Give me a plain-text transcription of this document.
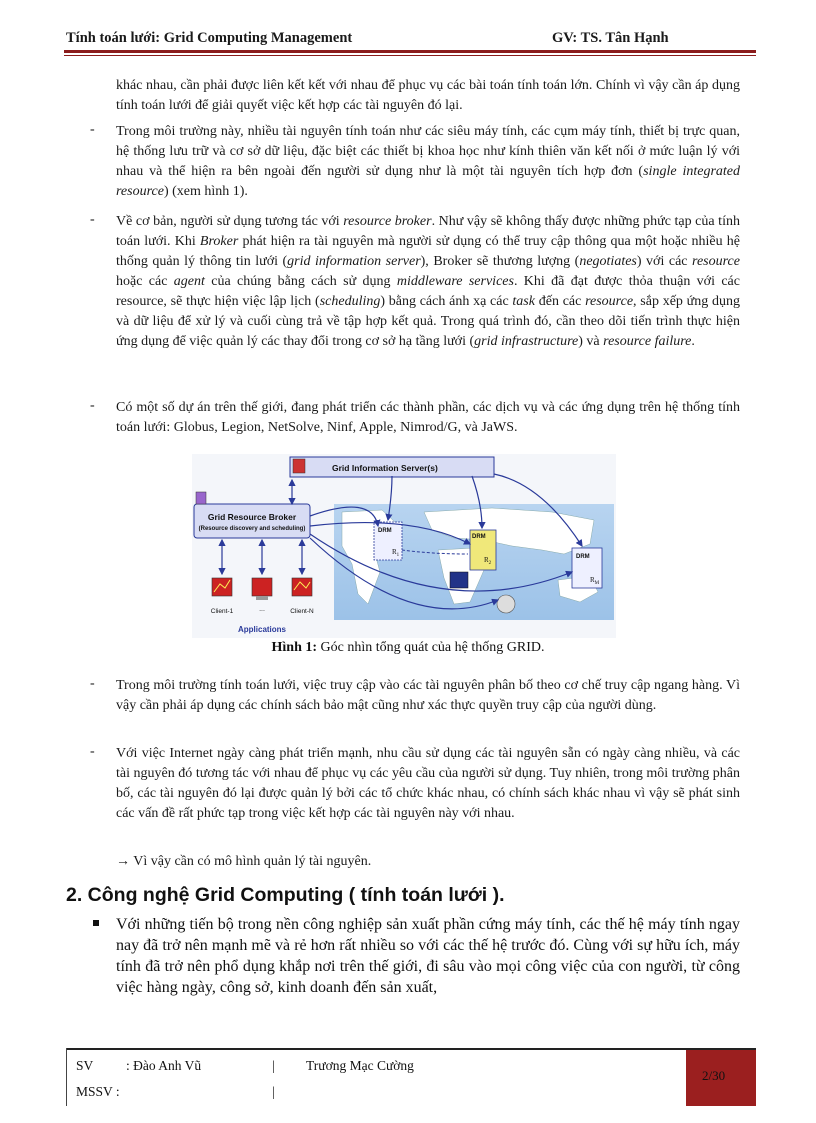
Tính toán lưới: Grid Computing Management	GV: TS. Tân Hạnh

khác nhau, cần phải được liên kết kết với nhau để phục vụ các bài toán tính toán lớn. Chính vì vậy cần áp dụng tính toán lưới để giải quyết việc kết hợp các tài nguyên đó lại.

- Trong môi trường này, nhiều tài nguyên tính toán như các siêu máy tính, các cụm máy tính, thiết bị trực quan, hệ thống lưu trữ và cơ sở dữ liệu, đặc biệt các thiết bị khoa học như kính thiên văn kết nối ở mức luận lý với nhau và thể hiện ra bên ngoài đến người sử dụng như là một tài nguyên tích hợp đơn (single integrated resource) (xem hình 1).

- Về cơ bản, người sử dụng tương tác với resource broker. Như vậy sẽ không thấy được những phức tạp của tính toán lưới. Khi Broker phát hiện ra tài nguyên mà người sử dụng có thể truy cập thông qua một hoặc nhiều hệ thống quản lý thông tin lưới (grid information server), Broker sẽ thương lượng (negotiates) với các resource hoặc các agent của chúng bằng cách sử dụng middleware services. Khi đã đạt được thỏa thuận với các resource, sẽ thực hiện việc lập lịch (scheduling) bằng cách ánh xạ các task đến các resource, sắp xếp ứng dụng và dữ liệu để xử lý và cuối cùng trả về tập hợp kết quả. Trong quá trình đó, cần theo dõi tiến trình thực hiện ứng dụng để việc quản lý các thay đổi trong cơ sở hạ tầng lưới (grid infrastructure) và resource failure.

- Có một số dự án trên thế giới, đang phát triển các thành phần, các dịch vụ và các ứng dụng trên hệ thống tính toán lưới: Globus, Legion, NetSolve, Ninf, Apple, Nimrod/G, và JaWS.

Grid Information Server(s)
Grid Resource Broker
(Resource discovery and scheduling)
Client-1	...	Client-N
Applications
DRM
$R_1$
DRM
$R_2$
DRM
$R_M$
Hình 1: Góc nhìn tổng quát của hệ thống GRID.
- Trong môi trường tính toán lưới, việc truy cập vào các tài nguyên phân bố theo cơ chế truy cập ngang hàng. Vì vậy cần phải áp dụng các chính sách bảo mật cũng như xác thực quyền truy cập của người dùng.

- Với việc Internet ngày càng phát triển mạnh, nhu cầu sử dụng các tài nguyên sẵn có ngày càng nhiều, và các tài nguyên đó tương tác với nhau để phục vụ các yêu cầu của người sử dụng. Tuy nhiên, trong môi trường phân bố, các tài nguyên đó lại được quản lý bởi các tổ chức khác nhau, có chính sách khác nhau vì vậy sẽ phát sinh các vấn đề rất phức tạp trong việc kết hợp các tài nguyên này với nhau.

→ Vì vậy cần có mô hình quản lý tài nguyên.

2. Công nghệ Grid Computing ( tính toán lưới ).

Với những tiến bộ trong nền công nghiệp sản xuất phần cứng máy tính, các thế hệ máy tính ngay nay đã trở nên mạnh mẽ và rẻ hơn rất nhiều so với các thế hệ trước đó. Cùng với sự hữu ích, máy tính đã trở nên phổ dụng khắp nơi trên thế giới, đi sâu vào mọi công việc của con người, từ công việc hàng ngày, công sở, kinh doanh đến sản xuất,

SV : Đào Anh Vũ	| Trương Mạc Cường
MSSV :	|
2/30
